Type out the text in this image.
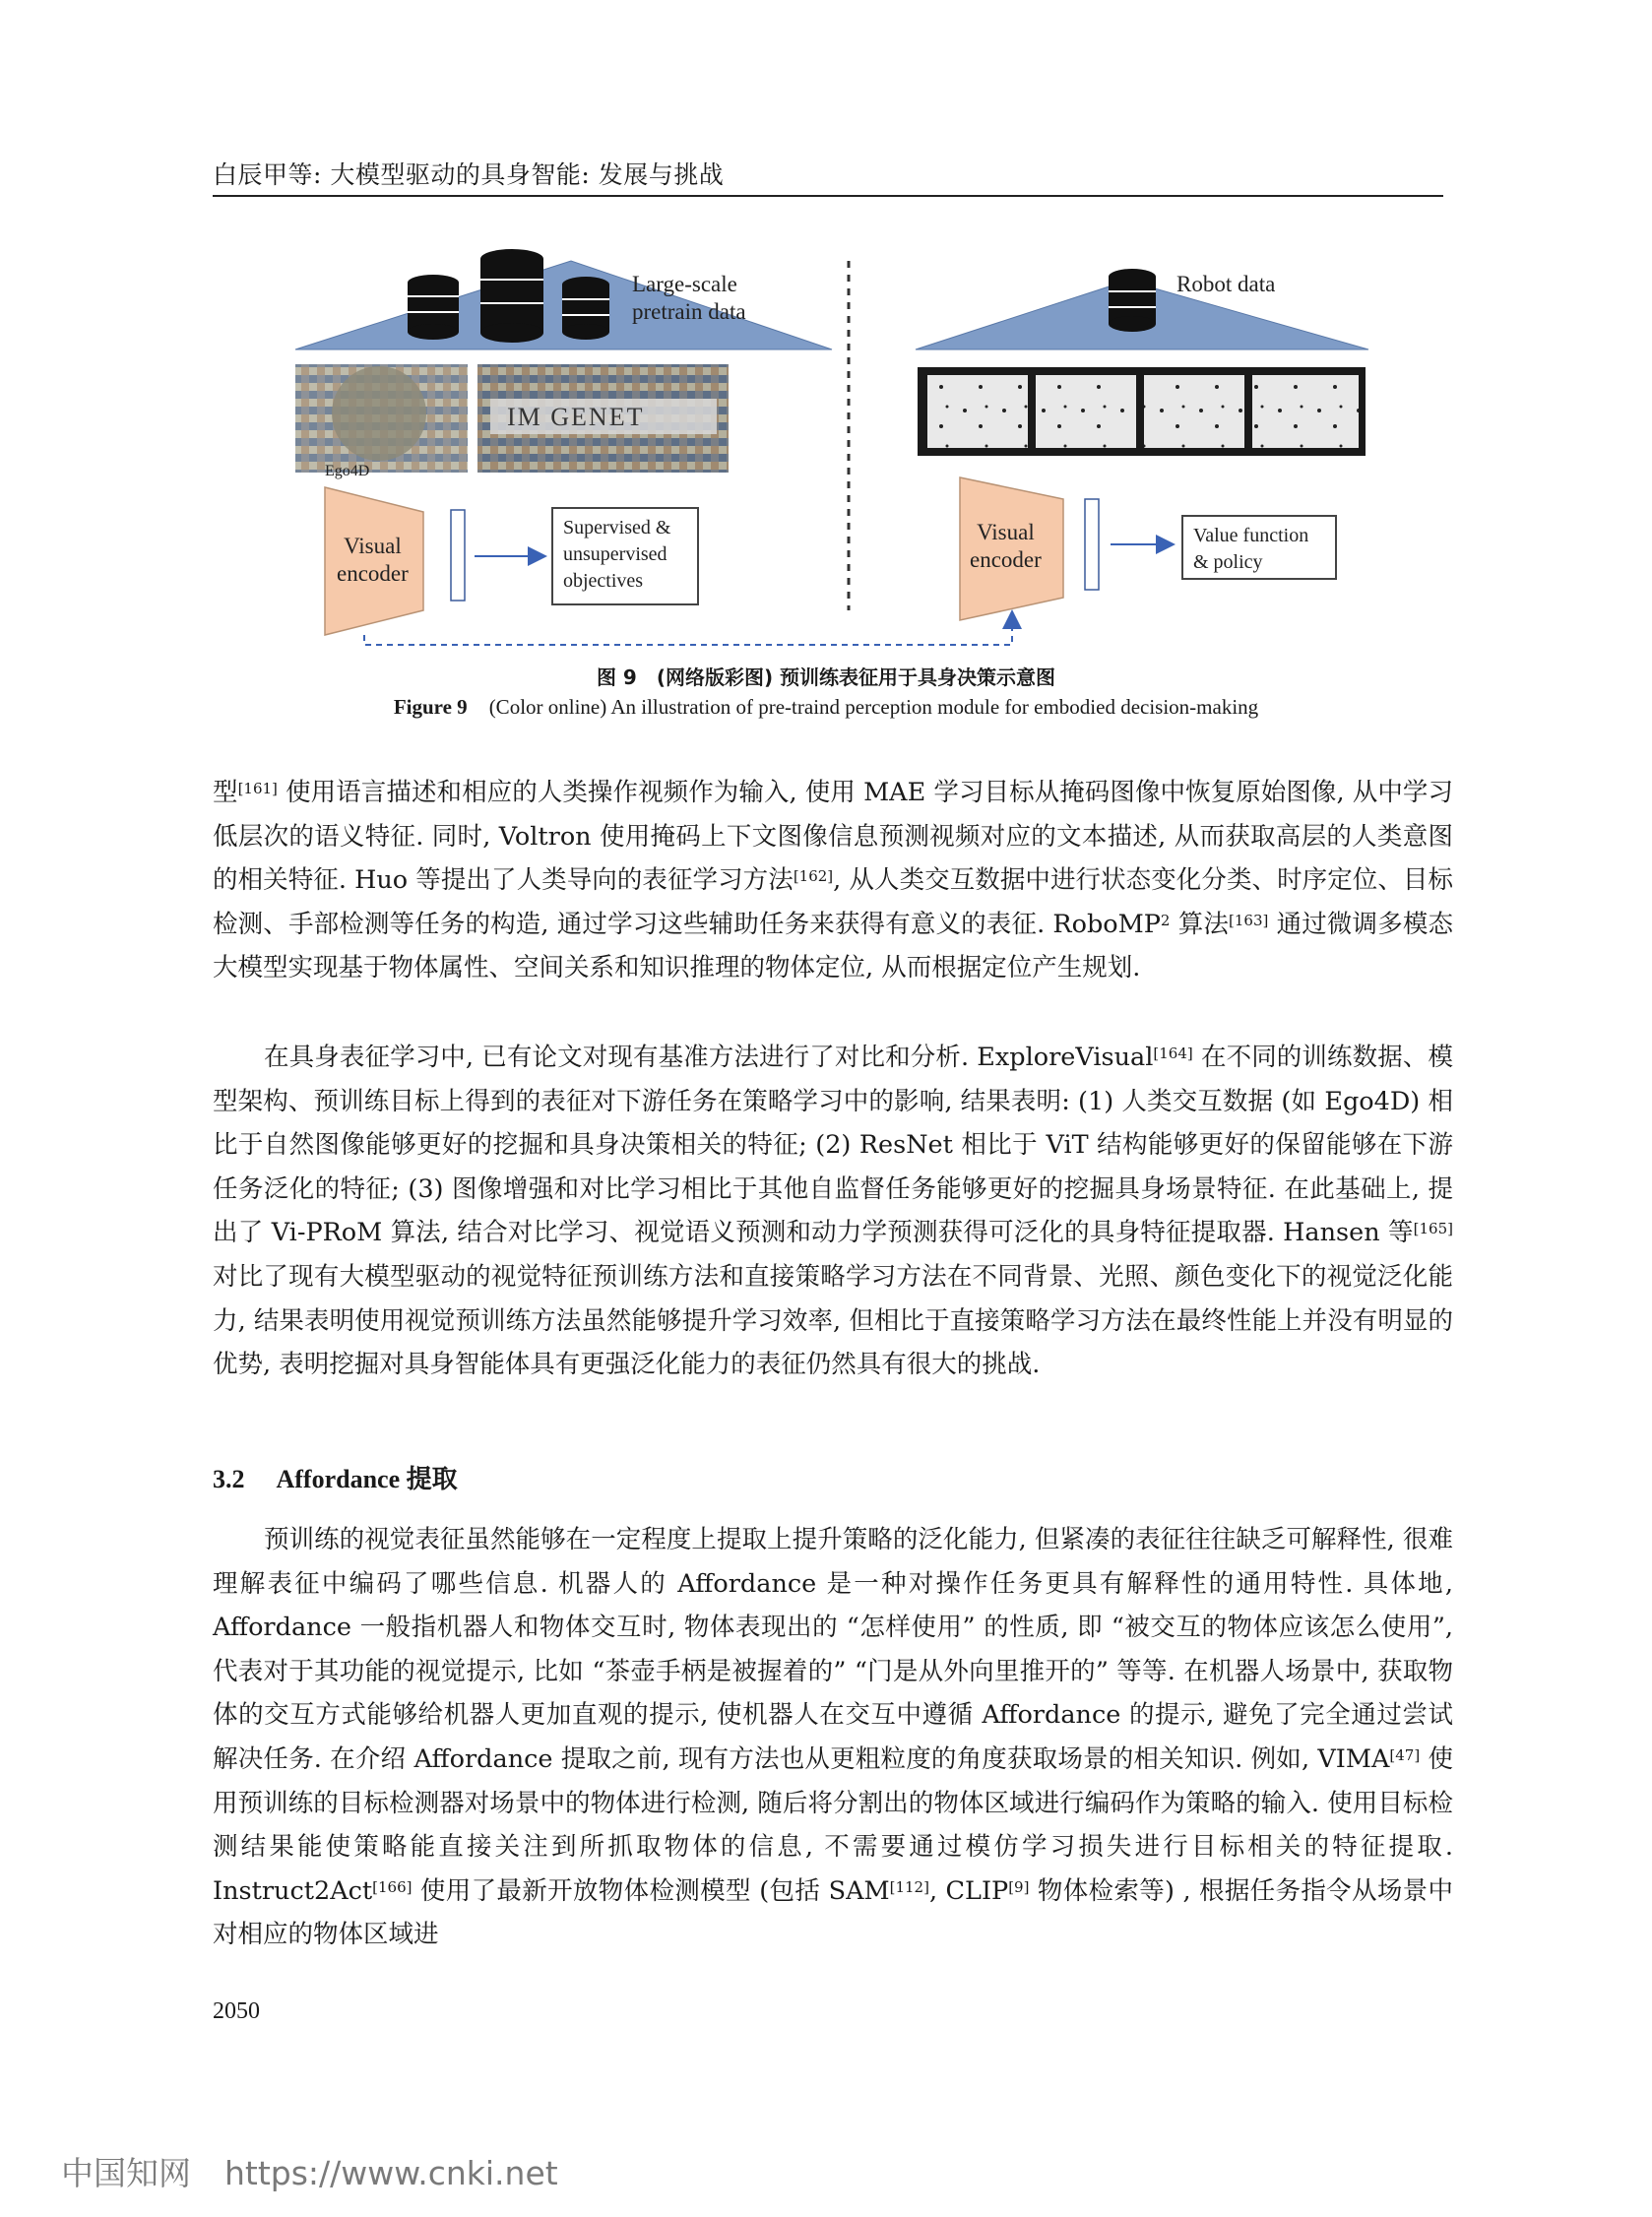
白辰甲等: 大模型驱动的具身智能: 发展与挑战
Large-scale
pretrain data
Ego4D
IM GENET
Visual
encoder
Supervised &
unsupervised
objectives
Robot data
Visual
encoder
Value function
& policy
图 9　(网络版彩图) 预训练表征用于具身决策示意图
Figure 9 (Color online) An illustration of pre-traind perception module for embodied decision-making
型[161] 使用语言描述和相应的人类操作视频作为输入, 使用 MAE 学习目标从掩码图像中恢复原始图像, 从中学习低层次的语义特征. 同时, Voltron 使用掩码上下文图像信息预测视频对应的文本描述, 从而获取高层的人类意图的相关特征. Huo 等提出了人类导向的表征学习方法[162], 从人类交互数据中进行状态变化分类、时序定位、目标检测、手部检测等任务的构造, 通过学习这些辅助任务来获得有意义的表征. RoboMP$^2$ 算法[163] 通过微调多模态大模型实现基于物体属性、空间关系和知识推理的物体定位, 从而根据定位产生规划.
在具身表征学习中, 已有论文对现有基准方法进行了对比和分析. ExploreVisual[164] 在不同的训练数据、模型架构、预训练目标上得到的表征对下游任务在策略学习中的影响, 结果表明: (1) 人类交互数据 (如 Ego4D) 相比于自然图像能够更好的挖掘和具身决策相关的特征; (2) ResNet 相比于 ViT 结构能够更好的保留能够在下游任务泛化的特征; (3) 图像增强和对比学习相比于其他自监督任务能够更好的挖掘具身场景特征. 在此基础上, 提出了 Vi-PRoM 算法, 结合对比学习、视觉语义预测和动力学预测获得可泛化的具身特征提取器. Hansen 等[165] 对比了现有大模型驱动的视觉特征预训练方法和直接策略学习方法在不同背景、光照、颜色变化下的视觉泛化能力, 结果表明使用视觉预训练方法虽然能够提升学习效率, 但相比于直接策略学习方法在最终性能上并没有明显的优势, 表明挖掘对具身智能体具有更强泛化能力的表征仍然具有很大的挑战.
3.2 Affordance 提取
预训练的视觉表征虽然能够在一定程度上提取上提升策略的泛化能力, 但紧凑的表征往往缺乏可解释性, 很难理解表征中编码了哪些信息. 机器人的 Affordance 是一种对操作任务更具有解释性的通用特性. 具体地, Affordance 一般指机器人和物体交互时, 物体表现出的 “怎样使用” 的性质, 即 “被交互的物体应该怎么使用”, 代表对于其功能的视觉提示, 比如 “茶壶手柄是被握着的” “门是从外向里推开的” 等等. 在机器人场景中, 获取物体的交互方式能够给机器人更加直观的提示, 使机器人在交互中遵循 Affordance 的提示, 避免了完全通过尝试解决任务. 在介绍 Affordance 提取之前, 现有方法也从更粗粒度的角度获取场景的相关知识. 例如, VIMA[47] 使用预训练的目标检测器对场景中的物体进行检测, 随后将分割出的物体区域进行编码作为策略的输入. 使用目标检测结果能使策略能直接关注到所抓取物体的信息, 不需要通过模仿学习损失进行目标相关的特征提取. Instruct2Act[166] 使用了最新开放物体检测模型 (包括 SAM[112], CLIP[9] 物体检索等) , 根据任务指令从场景中对相应的物体区域进
2050
中国知网 https://www.cnki.net
